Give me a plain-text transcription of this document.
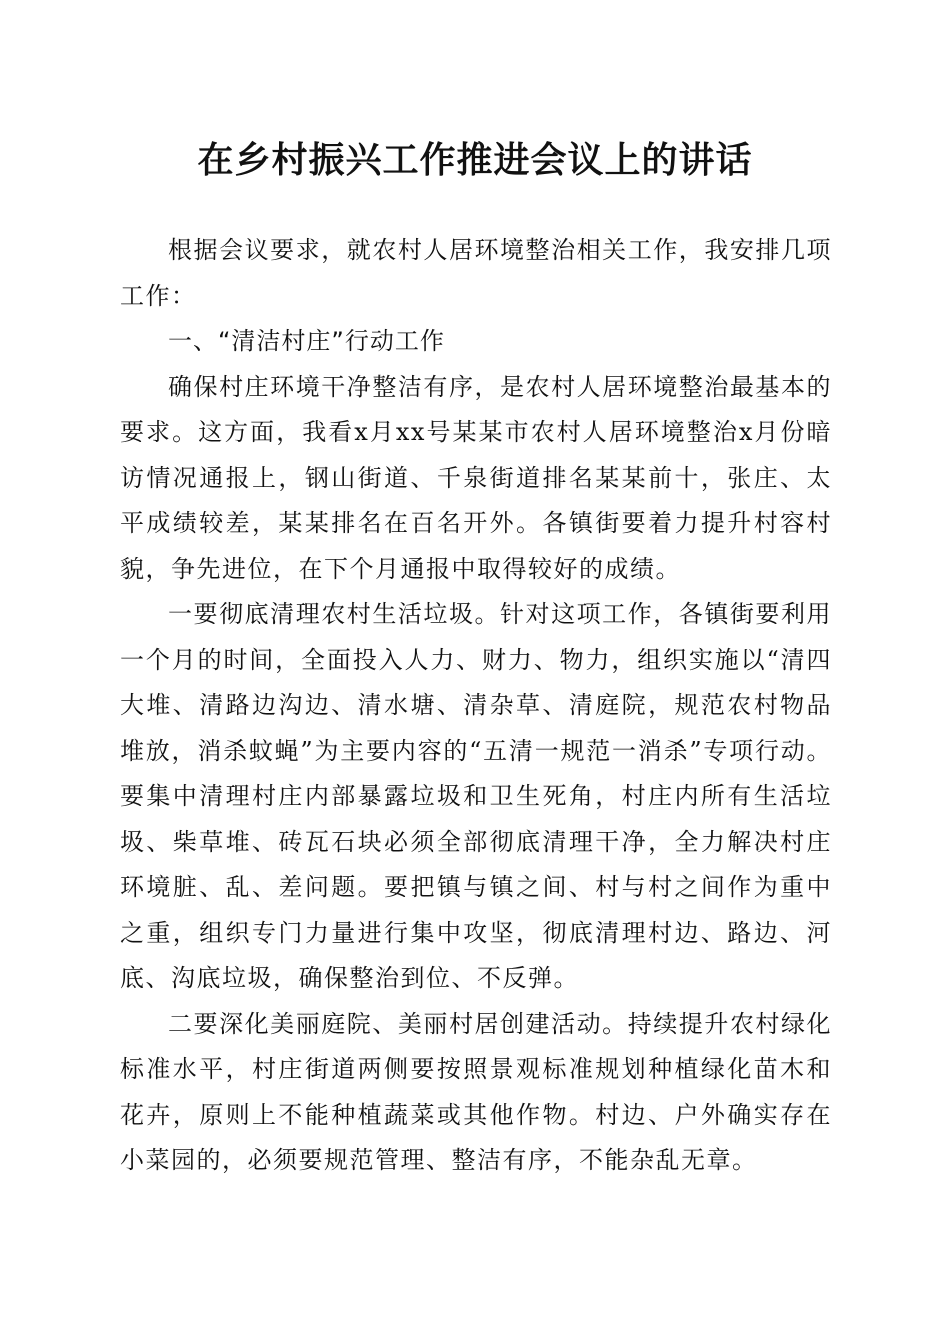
在乡村振兴工作推进会议上的讲话

根据会议要求，就农村人居环境整治相关工作，我安排几项工作：

一、“清洁村庄”行动工作

确保村庄环境干净整洁有序，是农村人居环境整治最基本的要求。这方面，我看x月xx号某某市农村人居环境整治x月份暗访情况通报上，钢山街道、千泉街道排名某某前十，张庄、太平成绩较差，某某排名在百名开外。各镇街要着力提升村容村貌，争先进位，在下个月通报中取得较好的成绩。

一要彻底清理农村生活垃圾。针对这项工作，各镇街要利用一个月的时间，全面投入人力、财力、物力，组织实施以“清四大堆、清路边沟边、清水塘、清杂草、清庭院，规范农村物品堆放，消杀蚊蝇”为主要内容的“五清一规范一消杀”专项行动。要集中清理村庄内部暴露垃圾和卫生死角，村庄内所有生活垃圾、柴草堆、砖瓦石块必须全部彻底清理干净，全力解决村庄环境脏、乱、差问题。要把镇与镇之间、村与村之间作为重中之重，组织专门力量进行集中攻坚，彻底清理村边、路边、河底、沟底垃圾，确保整治到位、不反弹。

二要深化美丽庭院、美丽村居创建活动。持续提升农村绿化标准水平，村庄街道两侧要按照景观标准规划种植绿化苗木和花卉，原则上不能种植蔬菜或其他作物。村边、户外确实存在小菜园的，必须要规范管理、整洁有序，不能杂乱无章。
